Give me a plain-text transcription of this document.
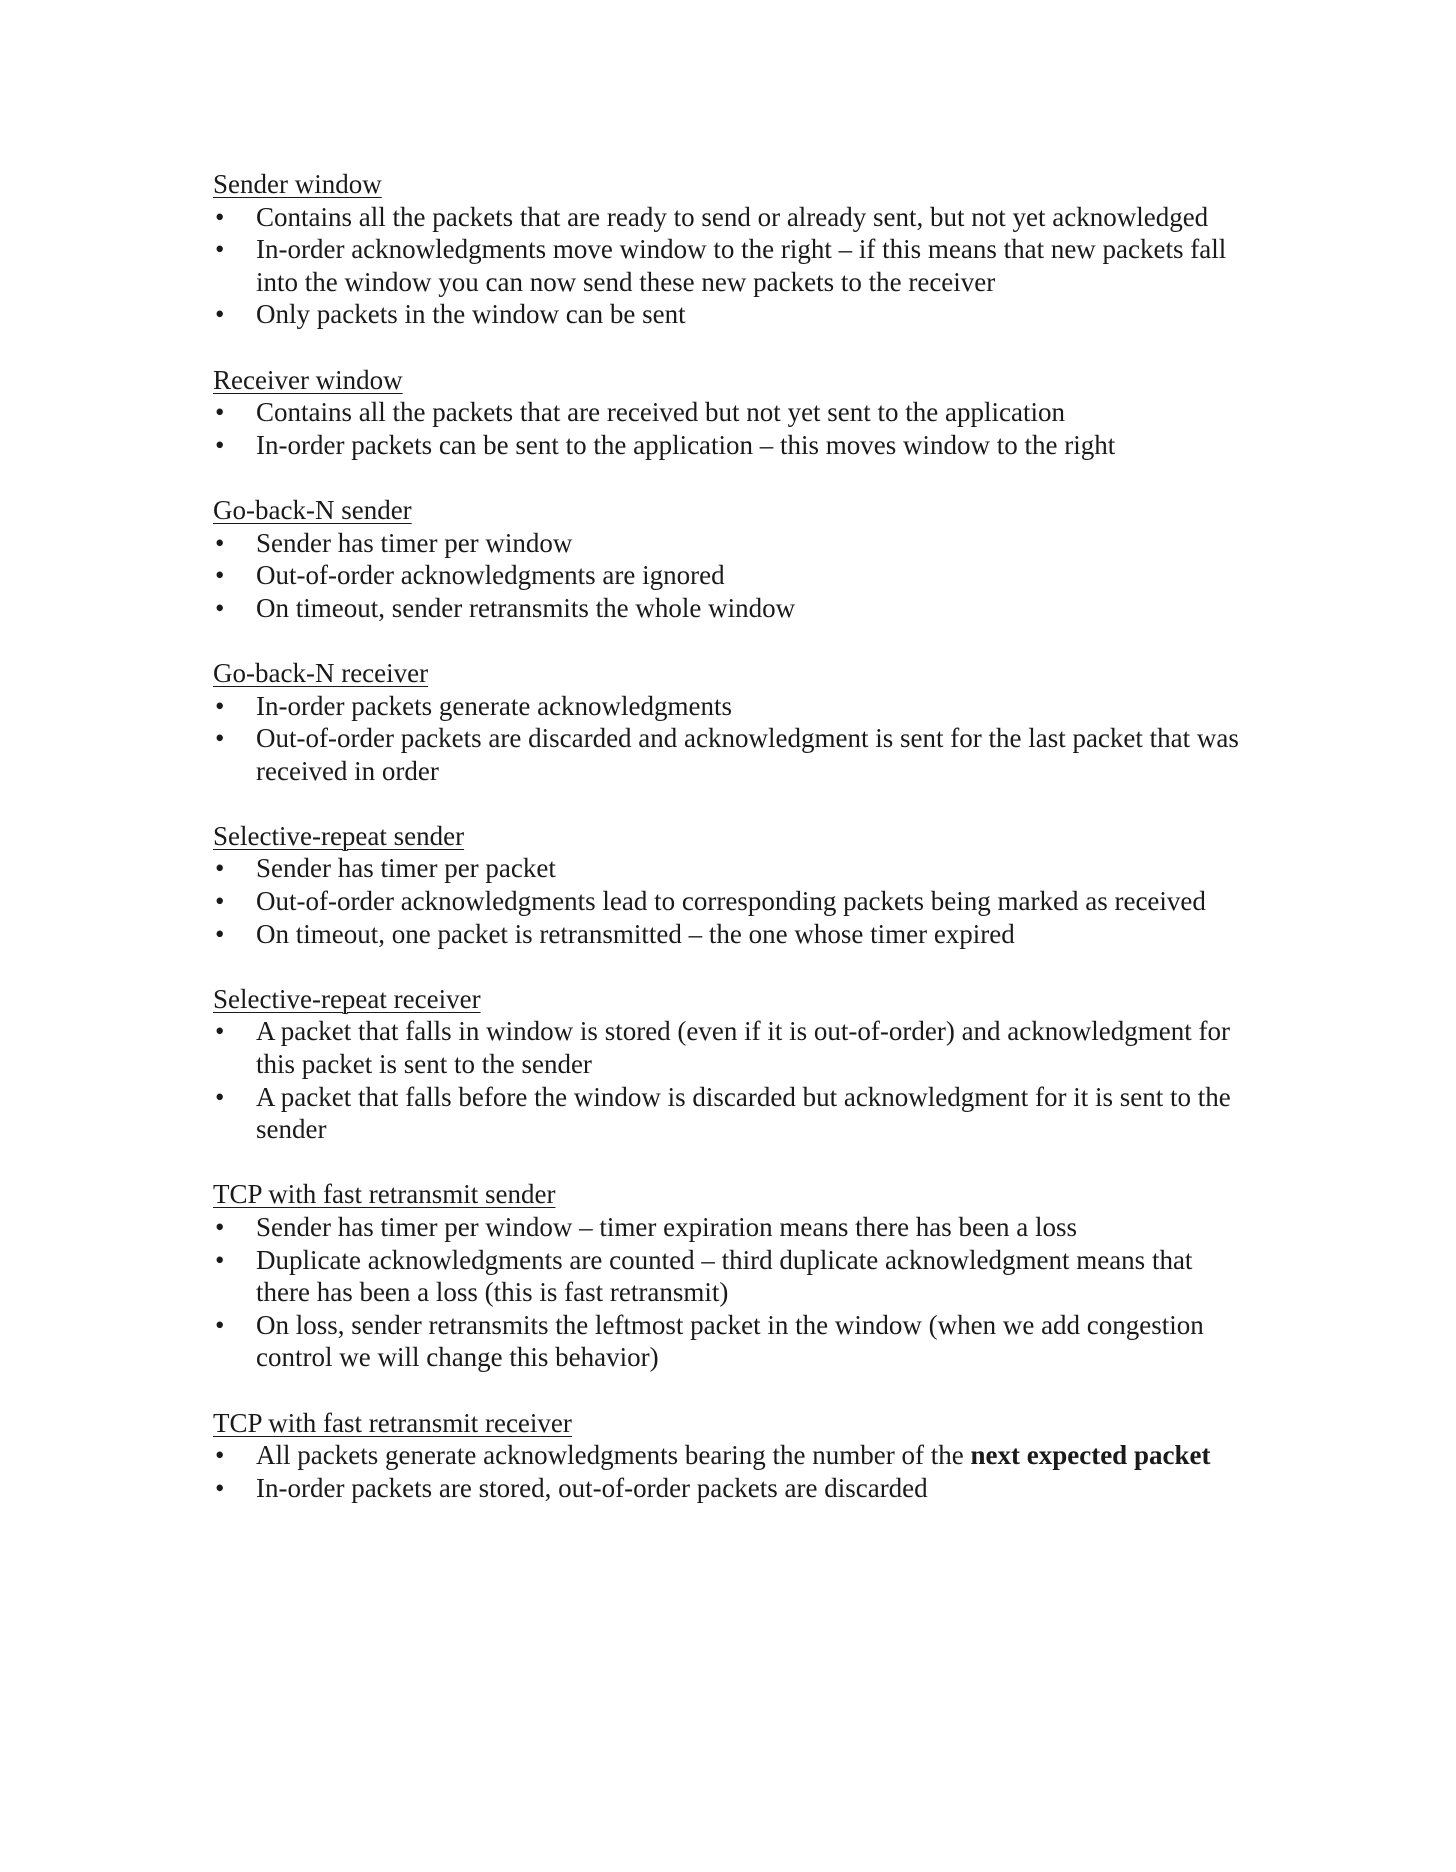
Sender window

• Contains all the packets that are ready to send or already sent, but not yet acknowledged
• In-order acknowledgments move window to the right – if this means that new packets fall into the window you can now send these new packets to the receiver
• Only packets in the window can be sent

Receiver window

• Contains all the packets that are received but not yet sent to the application
• In-order packets can be sent to the application – this moves window to the right

Go-back-N sender

• Sender has timer per window
• Out-of-order acknowledgments are ignored
• On timeout, sender retransmits the whole window

Go-back-N receiver

• In-order packets generate acknowledgments
• Out-of-order packets are discarded and acknowledgment is sent for the last packet that was received in order

Selective-repeat sender

• Sender has timer per packet
• Out-of-order acknowledgments lead to corresponding packets being marked as received
• On timeout, one packet is retransmitted – the one whose timer expired

Selective-repeat receiver

• A packet that falls in window is stored (even if it is out-of-order) and acknowledgment for this packet is sent to the sender
• A packet that falls before the window is discarded but acknowledgment for it is sent to the sender

TCP with fast retransmit sender

• Sender has timer per window – timer expiration means there has been a loss
• Duplicate acknowledgments are counted – third duplicate acknowledgment means that there has been a loss (this is fast retransmit)
• On loss, sender retransmits the leftmost packet in the window (when we add congestion control we will change this behavior)

TCP with fast retransmit receiver

• All packets generate acknowledgments bearing the number of the next expected packet
• In-order packets are stored, out-of-order packets are discarded
